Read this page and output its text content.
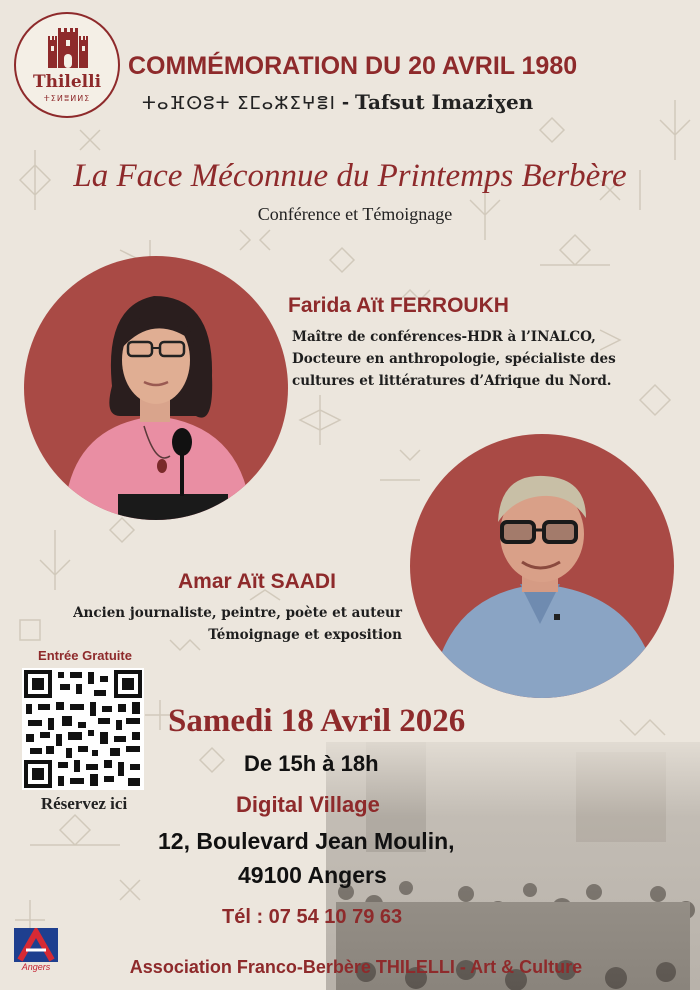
Thilelli
ⵜⵉⵍⴻⵍⵍⵉ
COMMÉMORATION DU 20 AVRIL 1980
ⵜⴰⴼⵙⵓⵜ ⵉⵎⴰⵣⵉⵖⴻⵏ - Tafsut Imaziɣen
La Face Méconnue du Printemps Berbère
Conférence et Témoignage
Farida Aït FERROUKH
Maître de conférences-HDR à l’INALCO,
Docteure en anthropologie, spécialiste des
cultures et littératures d’Afrique du Nord.
Amar Aït SAADI
Ancien journaliste, peintre, poète et auteur
Témoignage et exposition
Entrée Gratuite
Réservez ici
Samedi 18 Avril 2026
De 15h à 18h
Digital Village
12, Boulevard Jean Moulin,
49100 Angers
Tél : 07 54 10 79 63
Angers	Association Franco-Berbère THILELLI - Art & Culture
